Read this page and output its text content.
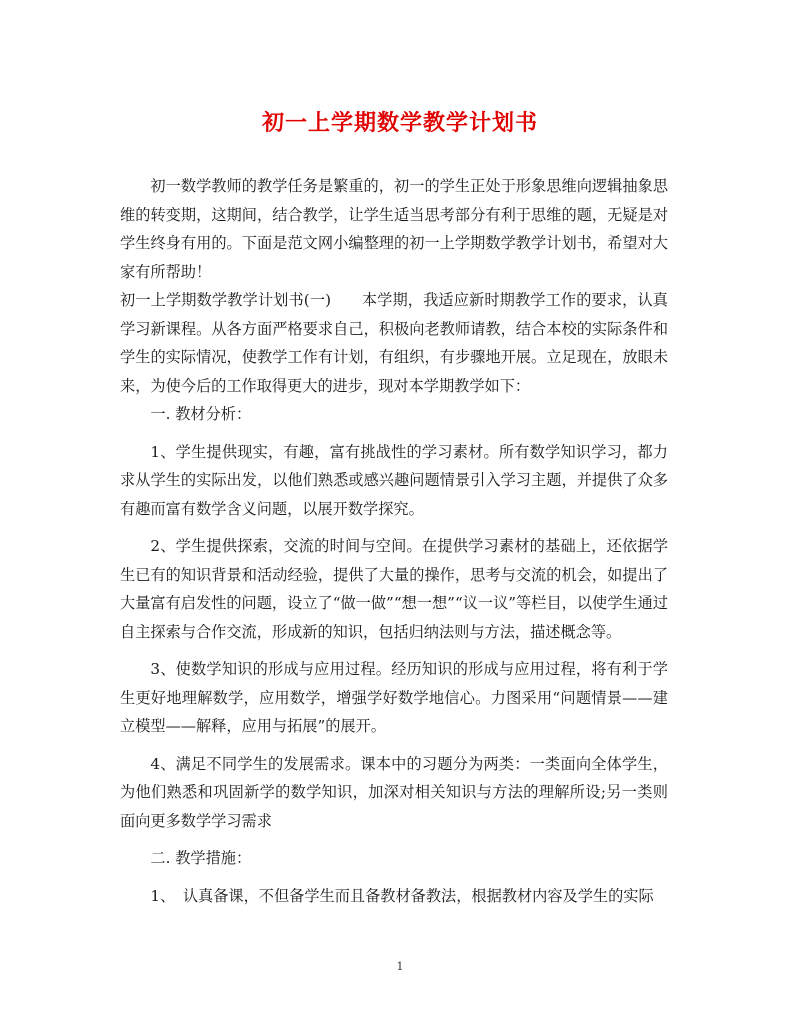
初一上学期数学教学计划书

初一数学教师的教学任务是繁重的，初一的学生正处于形象思维向逻辑抽象思维的转变期，这期间，结合教学，让学生适当思考部分有利于思维的题，无疑是对学生终身有用的。下面是范文网小编整理的初一上学期数学教学计划书，希望对大家有所帮助！

初一上学期数学教学计划书(一)　　本学期，我适应新时期教学工作的要求，认真学习新课程。从各方面严格要求自己，积极向老教师请教，结合本校的实际条件和学生的实际情况，使教学工作有计划，有组织，有步骤地开展。立足现在，放眼未来，为使今后的工作取得更大的进步，现对本学期教学如下：

一. 教材分析：

1、学生提供现实，有趣，富有挑战性的学习素材。所有数学知识学习，都力求从学生的实际出发，以他们熟悉或感兴趣问题情景引入学习主题，并提供了众多有趣而富有数学含义问题，以展开数学探究。

2、学生提供探索，交流的时间与空间。在提供学习素材的基础上，还依据学生已有的知识背景和活动经验，提供了大量的操作，思考与交流的机会，如提出了大量富有启发性的问题，设立了“做一做”“想一想”“议一议”等栏目，以使学生通过自主探索与合作交流，形成新的知识，包括归纳法则与方法，描述概念等。

3、使数学知识的形成与应用过程。经历知识的形成与应用过程，将有利于学生更好地理解数学，应用数学，增强学好数学地信心。力图采用“问题情景——建立模型——解释，应用与拓展”的展开。

4、满足不同学生的发展需求。课本中的习题分为两类：一类面向全体学生，为他们熟悉和巩固新学的数学知识，加深对相关知识与方法的理解所设;另一类则面向更多数学学习需求

二. 教学措施：

1、　认真备课，不但备学生而且备教材备教法，根据教材内容及学生的实际

1
